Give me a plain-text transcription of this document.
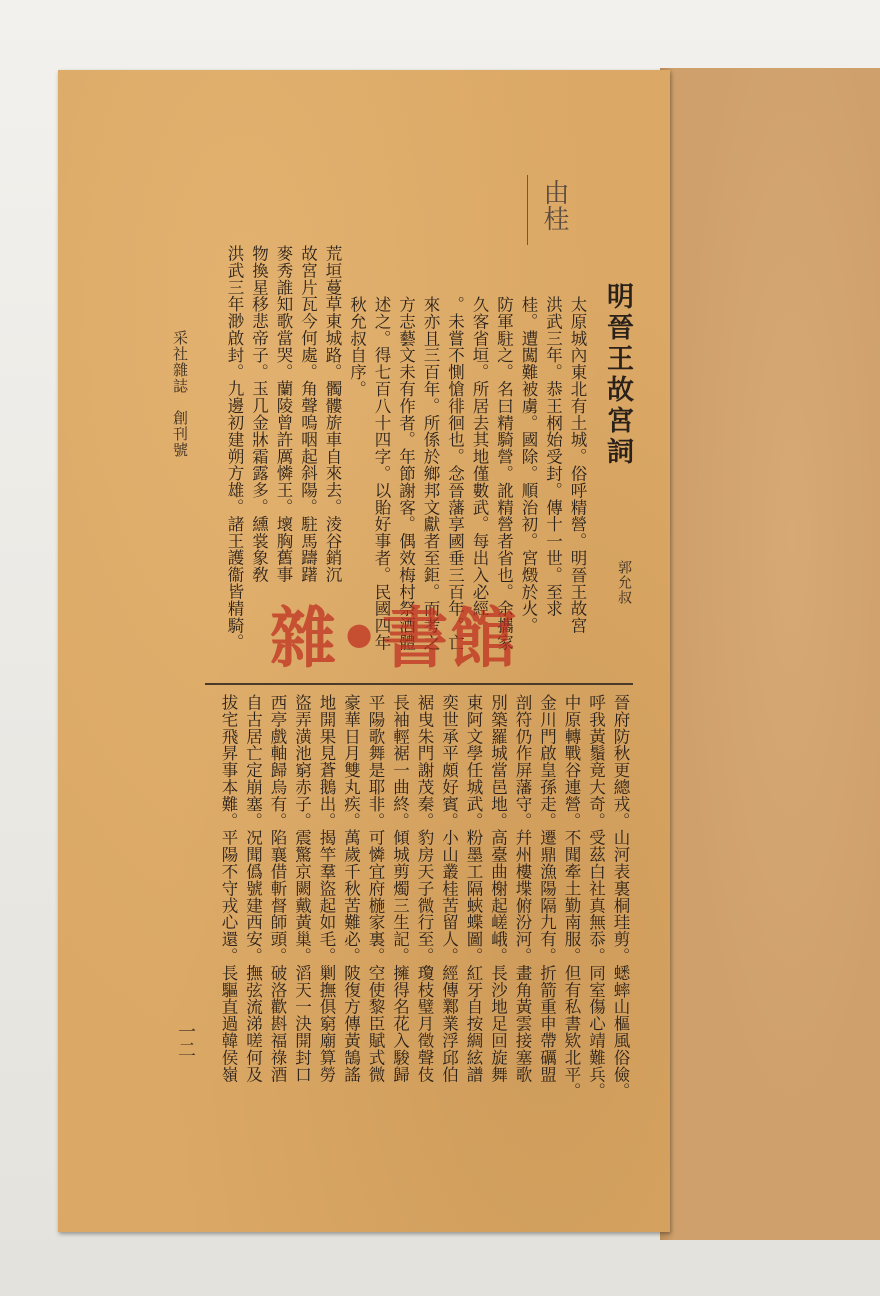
明晉王故宮詞
郭允叔
由桂
太原城內東北有土城。俗呼精營。明晉王故宮
洪武三年。恭王㭎始受封。傳十一世。至求
桂。遭闖難被虜。國除。順治初。宮燬於火。
防軍駐之。名曰精騎營。訛精營者省也。余攜家
久客省垣。所居去其地僅數武。每出入必經
。未嘗不惻愴徘徊也。念晉藩享國垂三百年。亡
來亦且三百年。所係於鄉邦文獻者至鉅。而考之
方志藝文未有作者。年節謝客。偶效梅村祭酒體
述之。得七百八十四字。以貽好事者。民國四年
秋允叔自序。
荒垣蔓草東城路。髑髏旂車自來去。淩谷銷沉
故宮片瓦今何處。角聲嗚咽起斜陽。駐馬躊躇
麥秀誰知歌當哭。蘭陵曾許厲憐王。壞胸舊事
物換星移悲帝子。玉几金牀霜露多。纁裳象敎
洪武三年渺啟封。九邊初建朔方雄。諸王護衞皆精騎。
晉府防秋更總戎。山河表裏桐珪剪。蟋蟀山樞風俗儉。
呼我黃鬚竟大奇。受茲白社真無忝。同室傷心靖難兵。
中原轉戰谷連營。不聞牽土勤南服。但有私書欵北平。
金川門啟皇孫走。遷鼎漁陽隔九有。折箭重申帶礪盟
剖符仍作屏藩守。幷州樓堞俯汾河。畫角黃雲接塞歌
別築羅城當邑地。高臺曲榭起嵯峨。長沙地足回旋舞
東阿文學任城武。粉墨工隔蛺蝶圖。紅牙自按綢絃譜
奕世承平頗好賓。小山叢桂苦留人。經傳鄴業浮邱伯
裾曳朱門謝茂秦。豹房天子微行至。瓊枝璧月徵聲伎
長袖輕裾一曲終。傾城剪燭三生記。擁得名花入駿歸
平陽歌舞是耶非。可憐宜府椸家裏。空使黎臣賦式微
豪華日月雙丸疾。萬歲千秋苦難必。陂復方傳黃鵠謠
地開果見蒼鵝出。揭竿羣盜起如毛。剿撫俱窮廟算勞
盜弄潢池窮赤子。震驚京闕戴黃巢。滔天一決開封口
西亭戲軸歸烏有。陷襄借斬督師頭。破洛歡斟福祿酒
自古居亡定崩塞。况聞僞號建西安。撫弦流涕嗟何及
拔宅飛昇事本難。平陽不守戎心還。長驅直過韓侯嶺
雜•書館
采社雜誌　創刊號
一二
